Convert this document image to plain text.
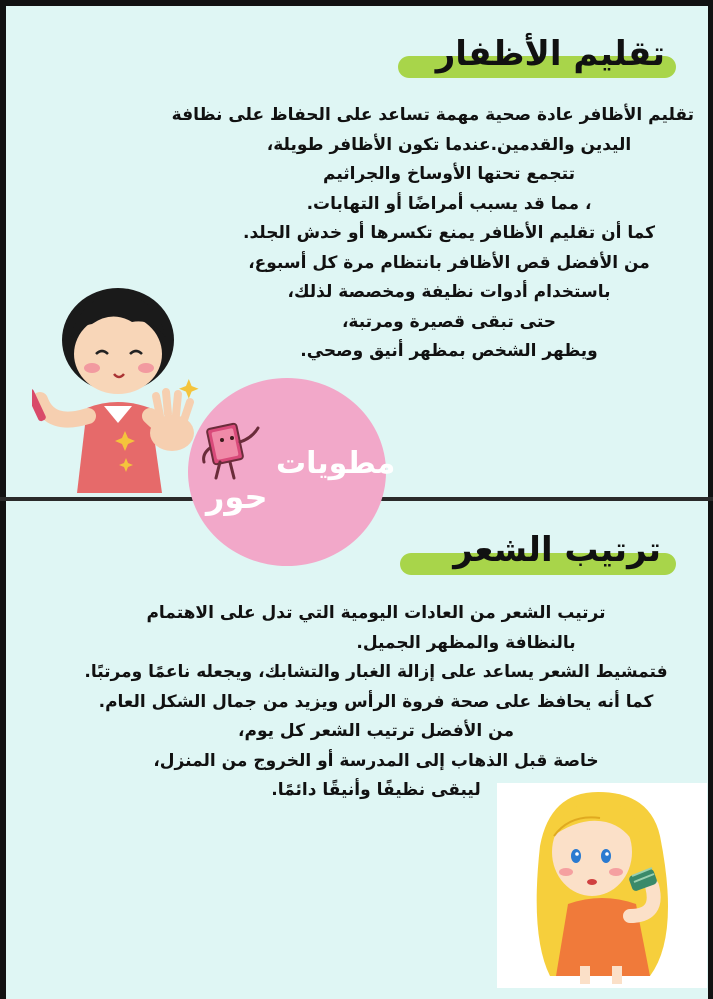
تقليم الأظفار
تقليم الأظافر عادة صحية مهمة تساعد على الحفاظ على نظافة
اليدين والقدمين.عندما تكون الأظافر طويلة،
تتجمع تحتها الأوساخ والجراثيم
، مما قد يسبب أمراضًا أو التهابات.
كما أن تقليم الأظافر يمنع تكسرها أو خدش الجلد.
من الأفضل قص الأظافر بانتظام مرة كل أسبوع،
باستخدام أدوات نظيفة ومخصصة لذلك،
حتى تبقى قصيرة ومرتبة،
ويظهر الشخص بمظهر أنيق وصحي.
مطويات
حور
ترتيب الشعر
ترتيب الشعر من العادات اليومية التي تدل على الاهتمام
بالنظافة والمظهر الجميل.
فتمشيط الشعر يساعد على إزالة الغبار والتشابك، ويجعله ناعمًا ومرتبًا.
كما أنه يحافظ على صحة فروة الرأس ويزيد من جمال الشكل العام.
من الأفضل ترتيب الشعر كل يوم،
خاصة قبل الذهاب إلى المدرسة أو الخروج من المنزل،
ليبقى نظيفًا وأنيقًا دائمًا.
